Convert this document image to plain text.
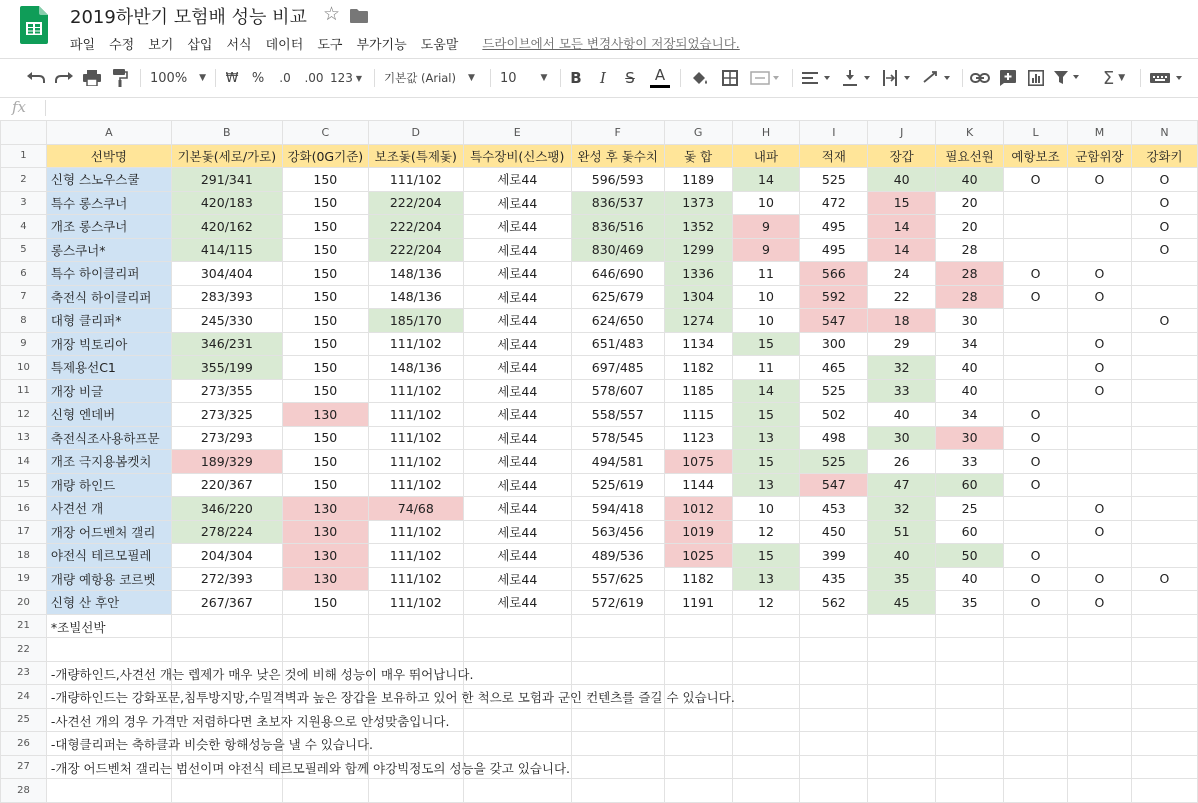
2019하반기 모험배 성능 비교 ☆
파일 수정 보기 삽입 서식 데이터 도구 부가기능 도움말 드라이브에서 모든 변경사항이 저장되었습니다.
100% ▼ ₩ %	.0	.00 123 ▼ 기본값 (Arial) ▼ 10	▼ B	I	S	A	Σ ▼
fx
	A	B	C	D	E	F	G	H	I	J	K	L	M	N
1	선박명	기본돛(세로/가로)	강화(0G기준)	보조돛(특제돛)	특수장비(신스팽)	완성 후 돛수치	돛 합	내파	적재	장갑	필요선원	예항보조	군함위장	강화키
2	신형 스노우스쿨	291/341	150	111/102	세로44	596/593	1189	14	525	40	40	O	O	O
3	특수 롱스쿠너	420/183	150	222/204	세로44	836/537	1373	10	472	15	20			O
4	개조 롱스쿠너	420/162	150	222/204	세로44	836/516	1352	9	495	14	20			O
5	롱스쿠너*	414/115	150	222/204	세로44	830/469	1299	9	495	14	28			O
6	특수 하이클리퍼	304/404	150	148/136	세로44	646/690	1336	11	566	24	28	O	O	
7	축전식 하이클리퍼	283/393	150	148/136	세로44	625/679	1304	10	592	22	28	O	O	
8	대형 클리퍼*	245/330	150	185/170	세로44	624/650	1274	10	547	18	30			O
9	개장 빅토리아	346/231	150	111/102	세로44	651/483	1134	15	300	29	34		O	
10	특제용선C1	355/199	150	148/136	세로44	697/485	1182	11	465	32	40		O	
11	개장 비글	273/355	150	111/102	세로44	578/607	1185	14	525	33	40		O	
12	신형 엔데버	273/325	130	111/102	세로44	558/557	1115	15	502	40	34	O		
13	축전식조사용하프문	273/293	150	111/102	세로44	578/545	1123	13	498	30	30	O		
14	개조 극지용봄켓치	189/329	150	111/102	세로44	494/581	1075	15	525	26	33	O		
15	개량 하인드	220/367	150	111/102	세로44	525/619	1144	13	547	47	60	O		
16	사견선 개	346/220	130	74/68	세로44	594/418	1012	10	453	32	25		O	
17	개장 어드벤처 갤리	278/224	130	111/102	세로44	563/456	1019	12	450	51	60		O	
18	야전식 테르모필레	204/304	130	111/102	세로44	489/536	1025	15	399	40	50	O		
19	개량 예항용 코르벳	272/393	130	111/102	세로44	557/625	1182	13	435	35	40	O	O	O
20	신형 산 후안	267/367	150	111/102	세로44	572/619	1191	12	562	45	35	O	O	
21	*조빌선박													

22	

23	-개량하인드,사견선 개는 렙제가 매우 낮은 것에 비해 성능이 매우 뛰어납니다.													

24	-개량하인드는 강화포문,침투방지망,수밀격벽과 높은 장갑을 보유하고 있어 한 척으로 모험과 군인 컨텐츠를 즐길 수 있습니다.													

25	-사견선 개의 경우 가격만 저렴하다면 초보자 지원용으로 안성맞춤입니다.													

26	-대형클리퍼는 축하클과 비슷한 항해성능을 낼 수 있습니다.													

27	-개장 어드벤처 갤리는 범선이며 야전식 테르모필레와 함께 야강빅정도의 성능을 갖고 있습니다.													

28	
